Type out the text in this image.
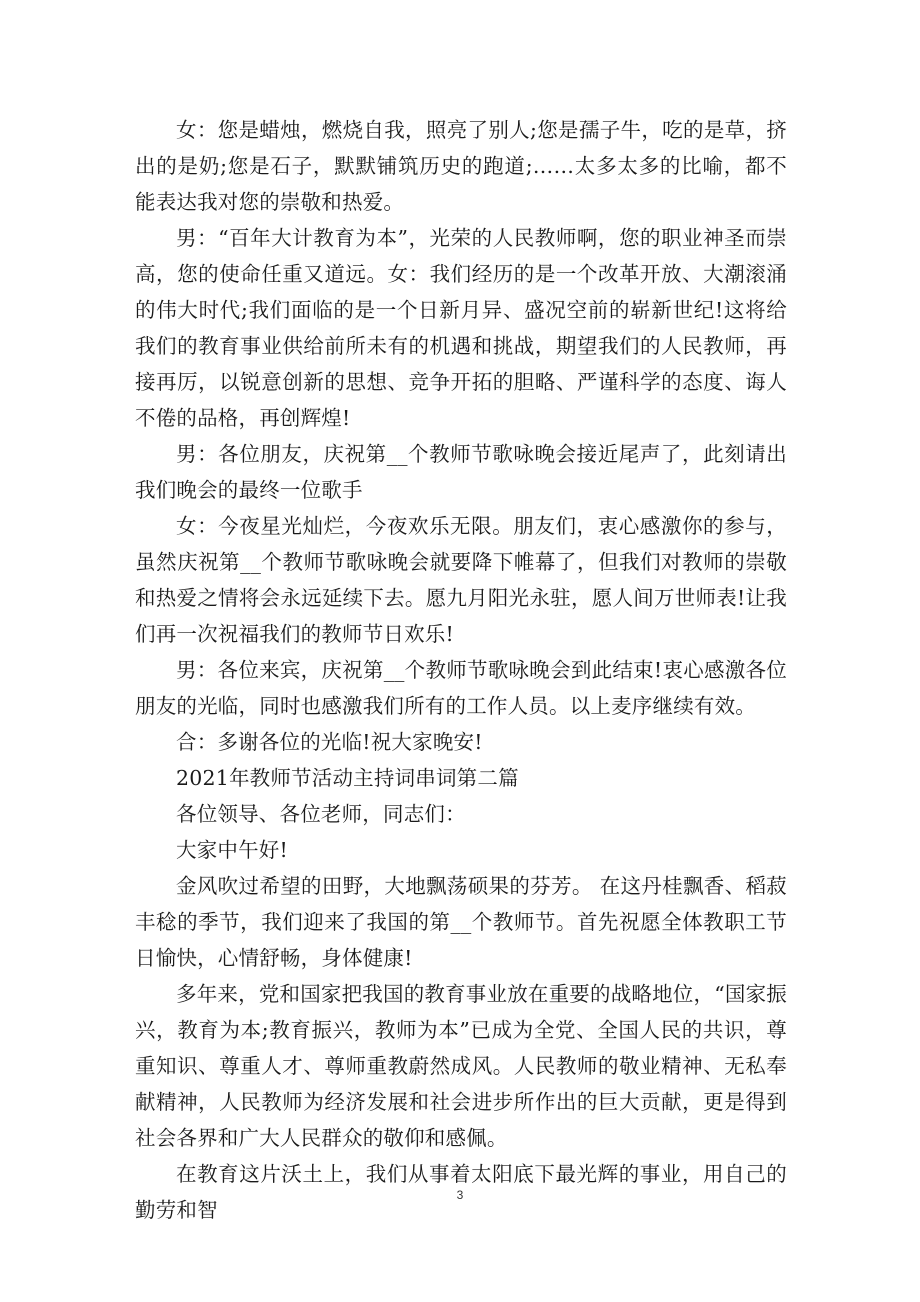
女：您是蜡烛，燃烧自我，照亮了别人;您是孺子牛，吃的是草，挤出的是奶;您是石子，默默铺筑历史的跑道;……太多太多的比喻，都不能表达我对您的崇敬和热爱。

男：“百年大计教育为本”，光荣的人民教师啊，您的职业神圣而崇高，您的使命任重又道远。女：我们经历的是一个改革开放、大潮滚涌的伟大时代;我们面临的是一个日新月异、盛况空前的崭新世纪!这将给我们的教育事业供给前所未有的机遇和挑战，期望我们的人民教师，再接再厉，以锐意创新的思想、竞争开拓的胆略、严谨科学的态度、诲人不倦的品格，再创辉煌!

男：各位朋友，庆祝第__个教师节歌咏晚会接近尾声了，此刻请出我们晚会的最终一位歌手

女：今夜星光灿烂，今夜欢乐无限。朋友们，衷心感激你的参与，虽然庆祝第__个教师节歌咏晚会就要降下帷幕了，但我们对教师的崇敬和热爱之情将会永远延续下去。愿九月阳光永驻，愿人间万世师表!让我们再一次祝福我们的教师节日欢乐!

男：各位来宾，庆祝第__个教师节歌咏晚会到此结束!衷心感激各位朋友的光临，同时也感激我们所有的工作人员。以上麦序继续有效。

合：多谢各位的光临!祝大家晚安!

2021年教师节活动主持词串词第二篇

各位领导、各位老师，同志们：

大家中午好!

金风吹过希望的田野，大地飘荡硕果的芬芳。 在这丹桂飘香、稻菽丰稔的季节，我们迎来了我国的第__个教师节。首先祝愿全体教职工节日愉快，心情舒畅，身体健康!

多年来，党和国家把我国的教育事业放在重要的战略地位，“国家振兴，教育为本;教育振兴，教师为本”已成为全党、全国人民的共识，尊重知识、尊重人才、尊师重教蔚然成风。人民教师的敬业精神、无私奉献精神，人民教师为经济发展和社会进步所作出的巨大贡献，更是得到社会各界和广大人民群众的敬仰和感佩。

在教育这片沃土上，我们从事着太阳底下最光辉的事业，用自己的勤劳和智

3
